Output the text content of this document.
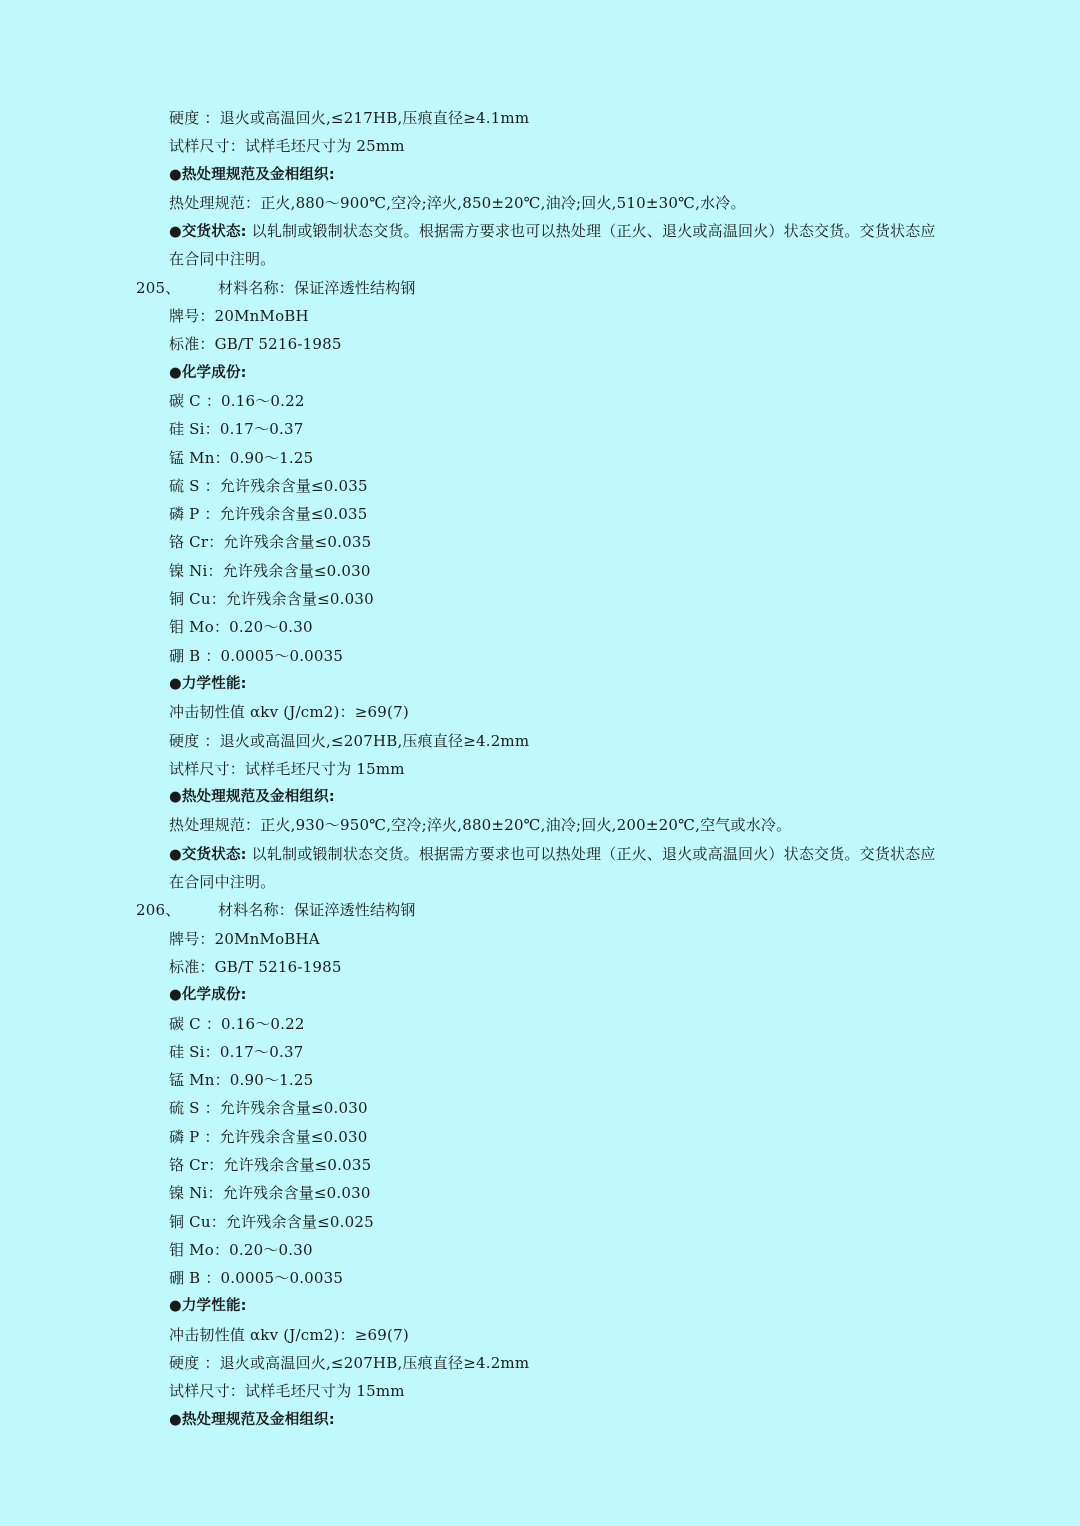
硬度 ：退火或高温回火,≤217HB,压痕直径≥4.1mm
试样尺寸：试样毛坯尺寸为 25mm
●热处理规范及金相组织:
热处理规范：正火,880～900℃,空冷;淬火,850±20℃,油冷;回火,510±30℃,水冷。
●交货状态: 以轧制或锻制状态交货。根据需方要求也可以热处理（正火、退火或高温回火）状态交货。交货状态应
在合同中注明。
205、	材料名称：保证淬透性结构钢
牌号：20MnMoBH
标准：GB/T 5216-1985
●化学成份:
碳 C ：0.16～0.22
硅 Si：0.17～0.37
锰 Mn：0.90～1.25
硫 S ：允许残余含量≤0.035
磷 P ：允许残余含量≤0.035
铬 Cr：允许残余含量≤0.035
镍 Ni：允许残余含量≤0.030
铜 Cu：允许残余含量≤0.030
钼 Mo：0.20～0.30
硼 B ：0.0005～0.0035
●力学性能:
冲击韧性值 αkv (J/cm2)：≥69(7)
硬度 ：退火或高温回火,≤207HB,压痕直径≥4.2mm
试样尺寸：试样毛坯尺寸为 15mm
●热处理规范及金相组织:
热处理规范：正火,930～950℃,空冷;淬火,880±20℃,油冷;回火,200±20℃,空气或水冷。
●交货状态: 以轧制或锻制状态交货。根据需方要求也可以热处理（正火、退火或高温回火）状态交货。交货状态应
在合同中注明。
206、	材料名称：保证淬透性结构钢
牌号：20MnMoBHA
标准：GB/T 5216-1985
●化学成份:
碳 C ：0.16～0.22
硅 Si：0.17～0.37
锰 Mn：0.90～1.25
硫 S ：允许残余含量≤0.030
磷 P ：允许残余含量≤0.030
铬 Cr：允许残余含量≤0.035
镍 Ni：允许残余含量≤0.030
铜 Cu：允许残余含量≤0.025
钼 Mo：0.20～0.30
硼 B ：0.0005～0.0035
●力学性能:
冲击韧性值 αkv (J/cm2)：≥69(7)
硬度 ：退火或高温回火,≤207HB,压痕直径≥4.2mm
试样尺寸：试样毛坯尺寸为 15mm
●热处理规范及金相组织:
